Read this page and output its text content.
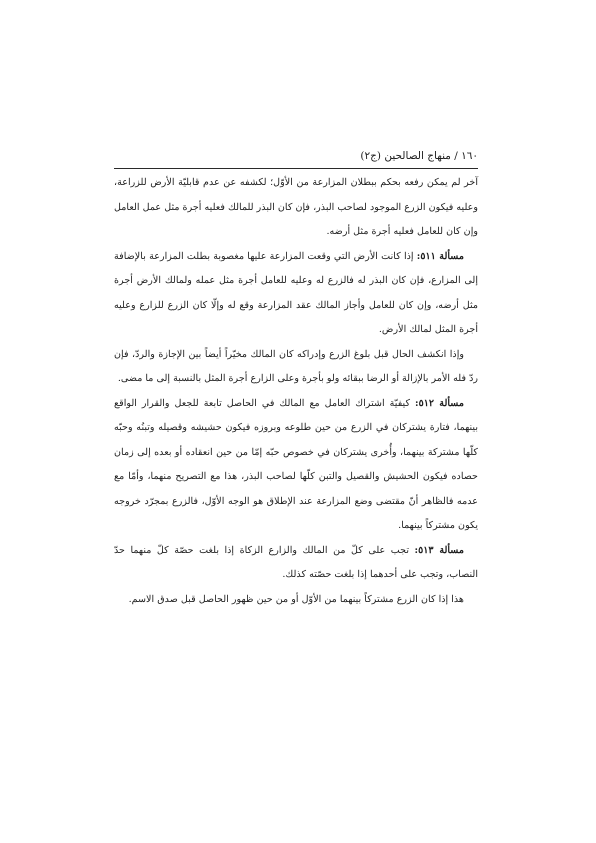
١٦٠ / منهاج الصالحين (ج٢)

آخر لم يمكن رفعه بحكم ببطلان المزارعة من الأوّل؛ لكشفه عن عدم قابليّة الأرض للزراعة، وعليه فيكون الزرع الموجود لصاحب البذر، فإن كان البذر للمالك فعليه أجرة مثل عمل العامل وإن كان للعامل فعليه أجرة مثل أرضه.

مسألة ٥١١: إذا كانت الأرض التي وقعت المزارعة عليها مغصوبة بطلت المزارعة بالإضافة إلى المزارع، فإن كان البذر له فالزرع له وعليه للعامل أجرة مثل عمله ولمالك الأرض أجرة مثل أرضه، وإن كان للعامل وأجاز المالك عقد المزارعة وقع له وإلّا كان الزرع للزارع وعليه أجرة المثل لمالك الأرض.

وإذا انكشف الحال قبل بلوغ الزرع وإدراكه كان المالك مخيّراً أيضاً بين الإجازة والردّ، فإن ردّ فله الأمر بالإزالة أو الرضا ببقائه ولو بأجرة وعلى الزارع أجرة المثل بالنسبة إلى ما مضى.

مسألة ٥١٢: كيفيّة اشتراك العامل مع المالك في الحاصل تابعة للجعل والقرار الواقع بينهما، فتارة يشتركان في الزرع من حين طلوعه وبروزه فيكون حشيشه وقصيله وتبنُه وحبّه كلّها مشتركة بينهما، وأُخرى يشتركان في خصوص حبّه إمّا من حين انعقاده أو بعده إلى زمان حصاده فيكون الحشيش والقصيل والتبن كلّها لصاحب البذر، هذا مع التصريح منهما، وأمّا مع عدمه فالظاهر أنّ مقتضى وضع المزارعة عند الإطلاق هو الوجه الأوّل، فالزرع بمجرّد خروجه يكون مشتركاً بينهما.

مسألة ٥١٣: تجب على كلّ من المالك والزارع الزكاة إذا بلغت حصّة كلّ منهما حدّ النصاب، وتجب على أحدهما إذا بلغت حصّته كذلك.

هذا إذا كان الزرع مشتركاً بينهما من الأوّل أو من حين ظهور الحاصل قبل صدق الاسم.
